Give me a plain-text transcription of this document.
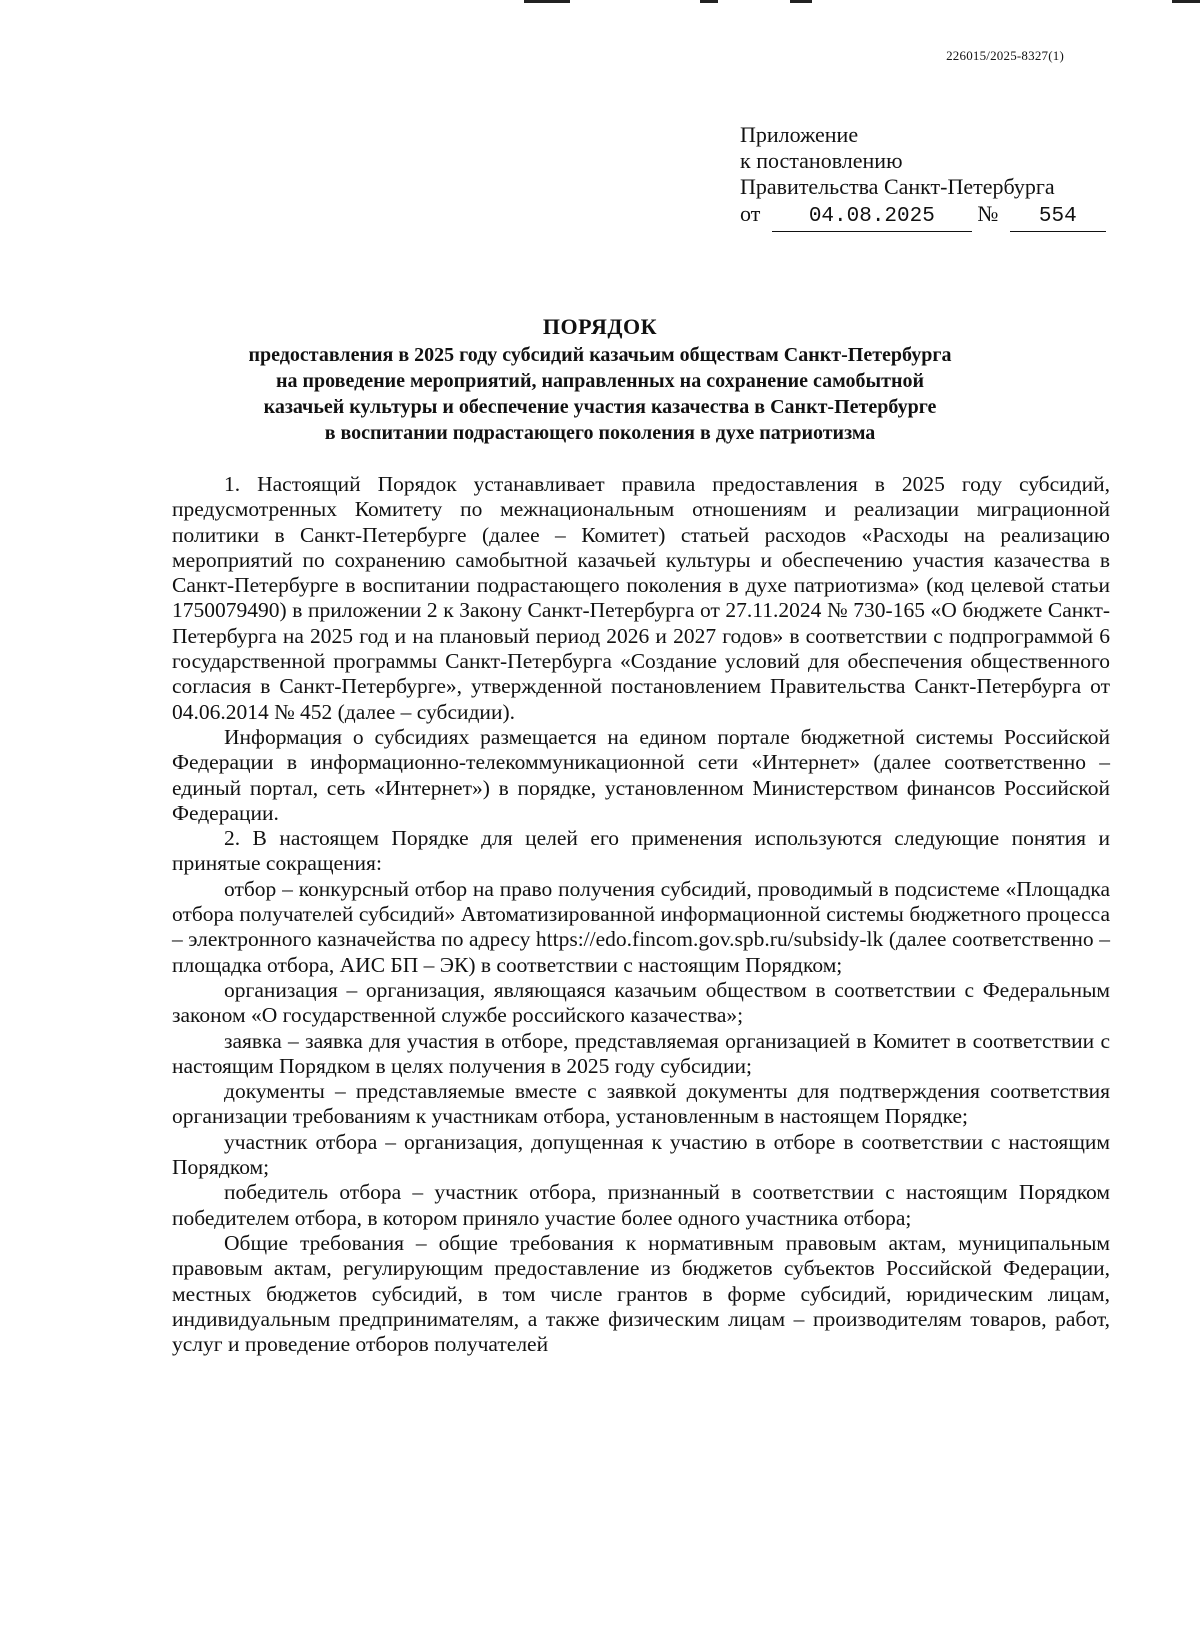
226015/2025-8327(1)
Приложение
к постановлению
Правительства Санкт-Петербурга
от 04.08.2025 № 554
ПОРЯДОК
предоставления в 2025 году субсидий казачьим обществам Санкт-Петербурга
на проведение мероприятий, направленных на сохранение самобытной
казачьей культуры и обеспечение участия казачества в Санкт-Петербурге
в воспитании подрастающего поколения в духе патриотизма

1. Настоящий Порядок устанавливает правила предоставления в 2025 году субсидий, предусмотренных Комитету по межнациональным отношениям и реализации миграционной политики в Санкт-Петербурге (далее – Комитет) статьей расходов «Расходы на реализацию мероприятий по сохранению самобытной казачьей культуры и обеспечению участия казачества в Санкт-Петербурге в воспитании подрастающего поколения в духе патриотизма» (код целевой статьи 1750079490) в приложении 2 к Закону Санкт-Петербурга от 27.11.2024 № 730-165 «О бюджете Санкт-Петербурга на 2025 год и на плановый период 2026 и 2027 годов» в соответствии с подпрограммой 6 государственной программы Санкт-Петербурга «Создание условий для обеспечения общественного согласия в Санкт-Петербурге», утвержденной постановлением Правительства Санкт-Петербурга от 04.06.2014 № 452 (далее – субсидии).

Информация о субсидиях размещается на едином портале бюджетной системы Российской Федерации в информационно-телекоммуникационной сети «Интернет» (далее соответственно – единый портал, сеть «Интернет») в порядке, установленном Министерством финансов Российской Федерации.

2. В настоящем Порядке для целей его применения используются следующие понятия и принятые сокращения:

отбор – конкурсный отбор на право получения субсидий, проводимый в подсистеме «Площадка отбора получателей субсидий» Автоматизированной информационной системы бюджетного процесса – электронного казначейства по адресу https://edo.fincom.gov.spb.ru/subsidy-lk (далее соответственно – площадка отбора, АИС БП – ЭК) в соответствии с настоящим Порядком;

организация – организация, являющаяся казачьим обществом в соответствии с Федеральным законом «О государственной службе российского казачества»;

заявка – заявка для участия в отборе, представляемая организацией в Комитет в соответствии с настоящим Порядком в целях получения в 2025 году субсидии;

документы – представляемые вместе с заявкой документы для подтверждения соответствия организации требованиям к участникам отбора, установленным в настоящем Порядке;

участник отбора – организация, допущенная к участию в отборе в соответствии с настоящим Порядком;

победитель отбора – участник отбора, признанный в соответствии с настоящим Порядком победителем отбора, в котором приняло участие более одного участника отбора;

Общие требования – общие требования к нормативным правовым актам, муниципальным правовым актам, регулирующим предоставление из бюджетов субъектов Российской Федерации, местных бюджетов субсидий, в том числе грантов в форме субсидий, юридическим лицам, индивидуальным предпринимателям, а также физическим лицам – производителям товаров, работ, услуг и проведение отборов получателей
